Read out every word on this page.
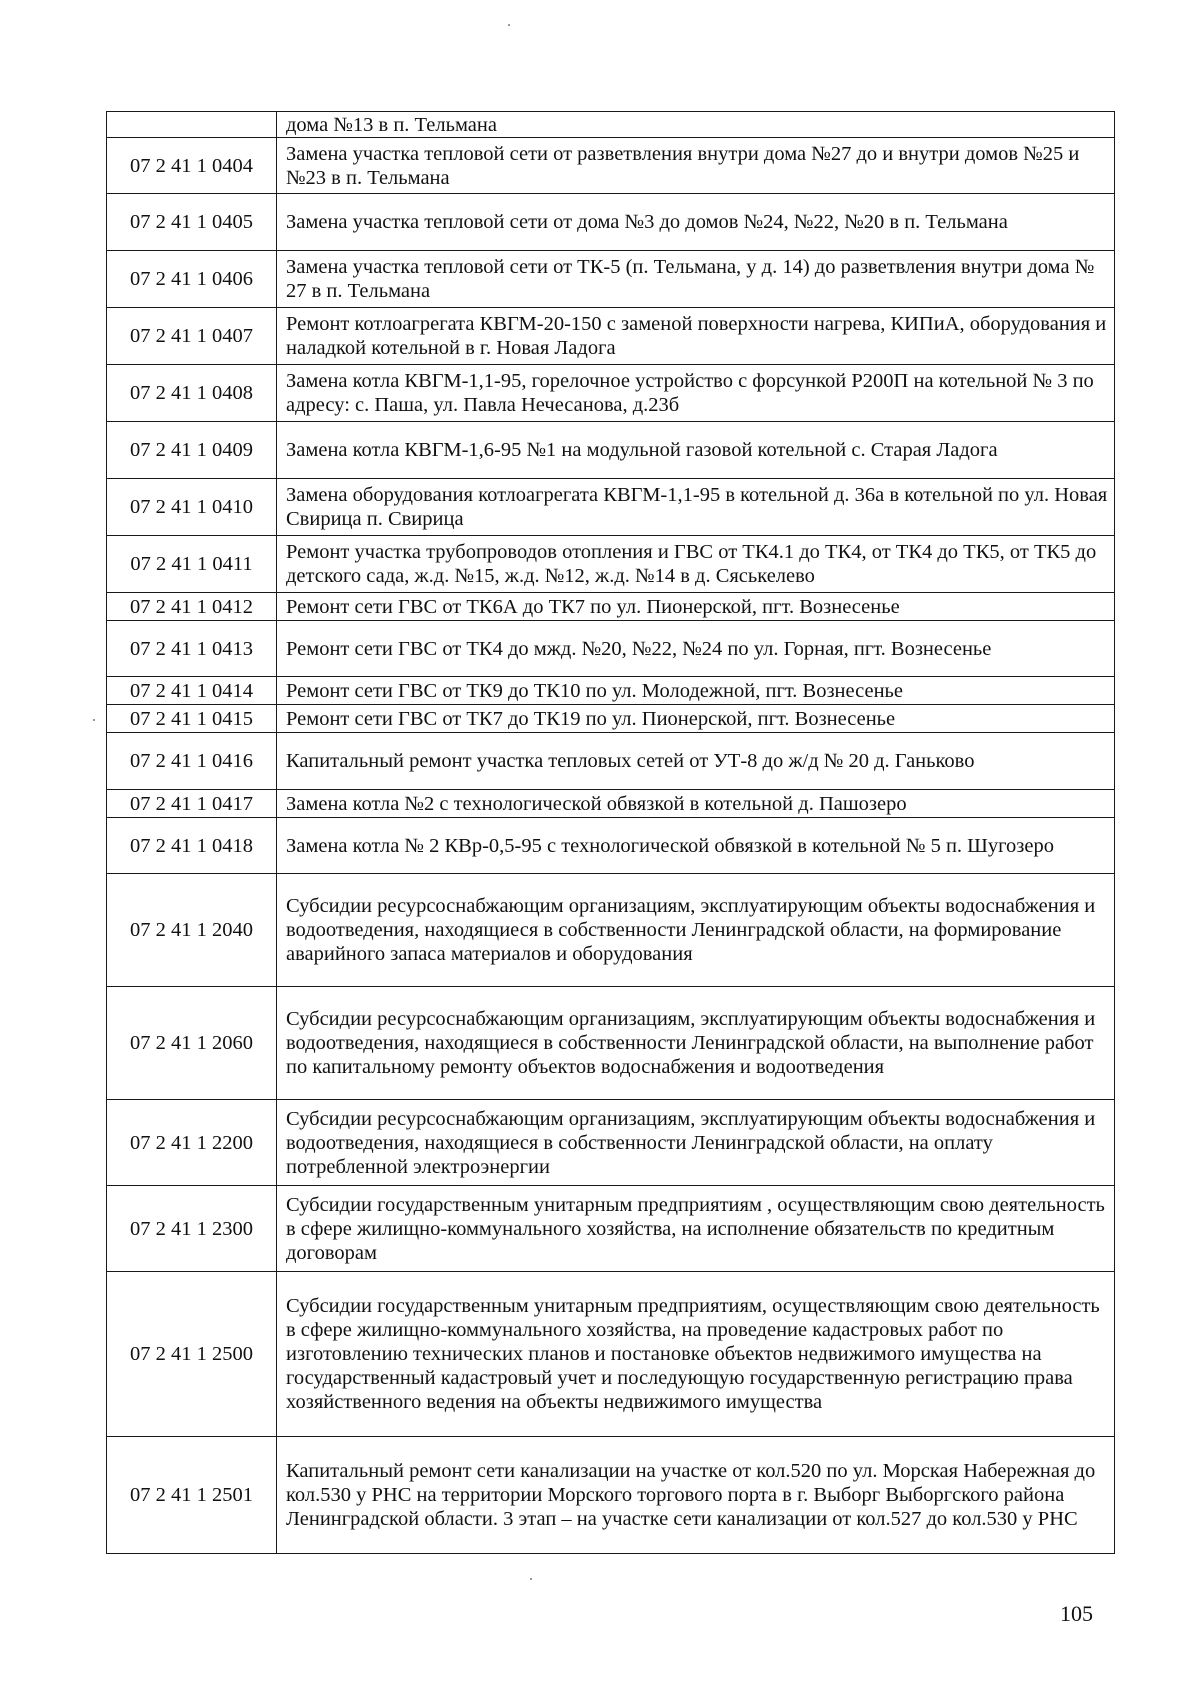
	дома №13 в п. Тельмана
07 2 41 1 0404	Замена участка тепловой сети от разветвления внутри дома №27 до и внутри домов №25 и №23 в п. Тельмана
07 2 41 1 0405	Замена участка тепловой сети от дома №3 до домов №24, №22, №20 в п. Тельмана
07 2 41 1 0406	Замена участка тепловой сети от ТК-5 (п. Тельмана, у д. 14) до разветвления внутри дома № 27 в п. Тельмана
07 2 41 1 0407	Ремонт котлоагрегата КВГМ-20-150 с заменой поверхности нагрева, КИПиА, оборудования и наладкой котельной в г. Новая Ладога
07 2 41 1 0408	Замена котла КВГМ-1,1-95, горелочное устройство с форсункой Р200П на котельной № 3 по адресу: с. Паша, ул. Павла Нечесанова, д.23б
07 2 41 1 0409	Замена котла КВГМ-1,6-95 №1 на модульной газовой котельной с. Старая Ладога
07 2 41 1 0410	Замена оборудования котлоагрегата КВГМ-1,1-95 в котельной д. 36а в котельной по ул. Новая Свирица п. Свирица
07 2 41 1 0411	Ремонт участка трубопроводов отопления и ГВС от ТК4.1 до ТК4, от ТК4 до ТК5, от ТК5 до детского сада, ж.д. №15, ж.д. №12, ж.д. №14 в д. Сяськелево
07 2 41 1 0412	Ремонт сети ГВС от ТК6А до ТК7 по ул. Пионерской, пгт. Вознесенье
07 2 41 1 0413	Ремонт сети ГВС от ТК4 до мжд. №20, №22, №24 по ул. Горная, пгт. Вознесенье
07 2 41 1 0414	Ремонт сети ГВС от ТК9 до ТК10 по ул. Молодежной, пгт. Вознесенье
07 2 41 1 0415	Ремонт сети ГВС от ТК7 до ТК19 по ул. Пионерской, пгт. Вознесенье
07 2 41 1 0416	Капитальный ремонт участка тепловых сетей от УТ-8 до ж/д № 20 д. Ганьково
07 2 41 1 0417	Замена котла №2 с технологической обвязкой в котельной д. Пашозеро
07 2 41 1 0418	Замена котла № 2 КВр-0,5-95 с технологической обвязкой в котельной № 5 п. Шугозеро
07 2 41 1 2040	Субсидии ресурсоснабжающим организациям, эксплуатирующим объекты водоснабжения и водоотведения, находящиеся в собственности Ленинградской области, на формирование аварийного запаса материалов и оборудования
07 2 41 1 2060	Субсидии ресурсоснабжающим организациям, эксплуатирующим объекты водоснабжения и водоотведения, находящиеся в собственности Ленинградской области, на выполнение работ по капитальному ремонту объектов водоснабжения и водоотведения
07 2 41 1 2200	Субсидии ресурсоснабжающим организациям, эксплуатирующим объекты водоснабжения и водоотведения, находящиеся в собственности Ленинградской области, на оплату потребленной электроэнергии
07 2 41 1 2300	Субсидии государственным унитарным предприятиям , осуществляющим свою деятельность в сфере жилищно-коммунального хозяйства, на исполнение обязательств по кредитным договорам
07 2 41 1 2500	Субсидии государственным унитарным предприятиям, осуществляющим свою деятельность в сфере жилищно-коммунального хозяйства, на проведение кадастровых работ по изготовлению технических планов и постановке объектов недвижимого имущества на государственный кадастровый учет и последующую государственную регистрацию права хозяйственного ведения на объекты недвижимого имущества
07 2 41 1 2501	Капитальный ремонт сети канализации на участке от кол.520 по ул. Морская Набережная до кол.530 у РНС на территории Морского торгового порта в г. Выборг Выборгского района Ленинградской области. 3 этап – на участке сети канализации от кол.527 до кол.530 у РНС
105
